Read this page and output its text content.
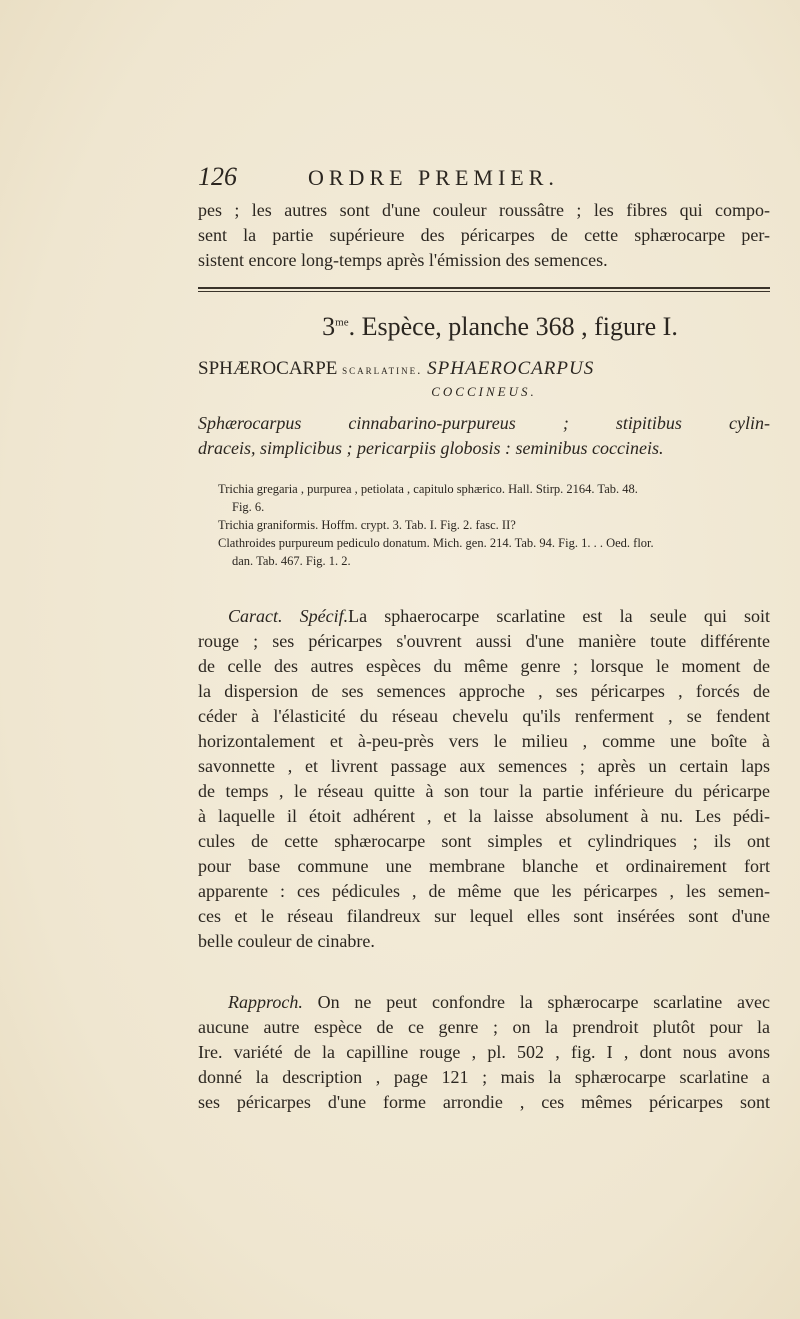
126	ORDRE PREMIER.
pes ; les autres sont d'une couleur roussâtre ; les fibres qui compo-
sent la partie supérieure des péricarpes de cette sphærocarpe per-
sistent encore long-temps après l'émission des semences.
$3^{me}$. Espèce, planche 368 , figure I.
SPHÆROCARPE scarlatine. SPHAEROCARPUS
COCCINEUS.
Sphærocarpus cinnabarino-purpureus ; stipitibus cylin-
draceis, simplicibus ; pericarpiis globosis : seminibus coccineis.
Trichia gregaria , purpurea , petiolata , capitulo sphærico. Hall. Stirp. 2164. Tab. 48.
Fig. 6.
Trichia graniformis. Hoffm. crypt. 3. Tab. I. Fig. 2. fasc. II?
Clathroides purpureum pediculo donatum. Mich. gen. 214. Tab. 94. Fig. 1. . . Oed. flor.
dan. Tab. 467. Fig. 1. 2.
Caract. Spécif.La sphaerocarpe scarlatine est la seule qui soit
rouge ; ses péricarpes s'ouvrent aussi d'une manière toute différente
de celle des autres espèces du même genre ; lorsque le moment de
la dispersion de ses semences approche , ses péricarpes , forcés de
céder à l'élasticité du réseau chevelu qu'ils renferment , se fendent
horizontalement et à-peu-près vers le milieu , comme une boîte à
savonnette , et livrent passage aux semences ; après un certain laps
de temps , le réseau quitte à son tour la partie inférieure du péricarpe
à laquelle il étoit adhérent , et la laisse absolument à nu. Les pédi-
cules de cette sphærocarpe sont simples et cylindriques ; ils ont
pour base commune une membrane blanche et ordinairement fort
apparente : ces pédicules , de même que les péricarpes , les semen-
ces et le réseau filandreux sur lequel elles sont insérées sont d'une
belle couleur de cinabre.
Rapproch. On ne peut confondre la sphærocarpe scarlatine avec
aucune autre espèce de ce genre ; on la prendroit plutôt pour la
Ire. variété de la capilline rouge , pl. 502 , fig. I , dont nous avons
donné la description , page 121 ; mais la sphærocarpe scarlatine a
ses péricarpes d'une forme arrondie , ces mêmes péricarpes sont
